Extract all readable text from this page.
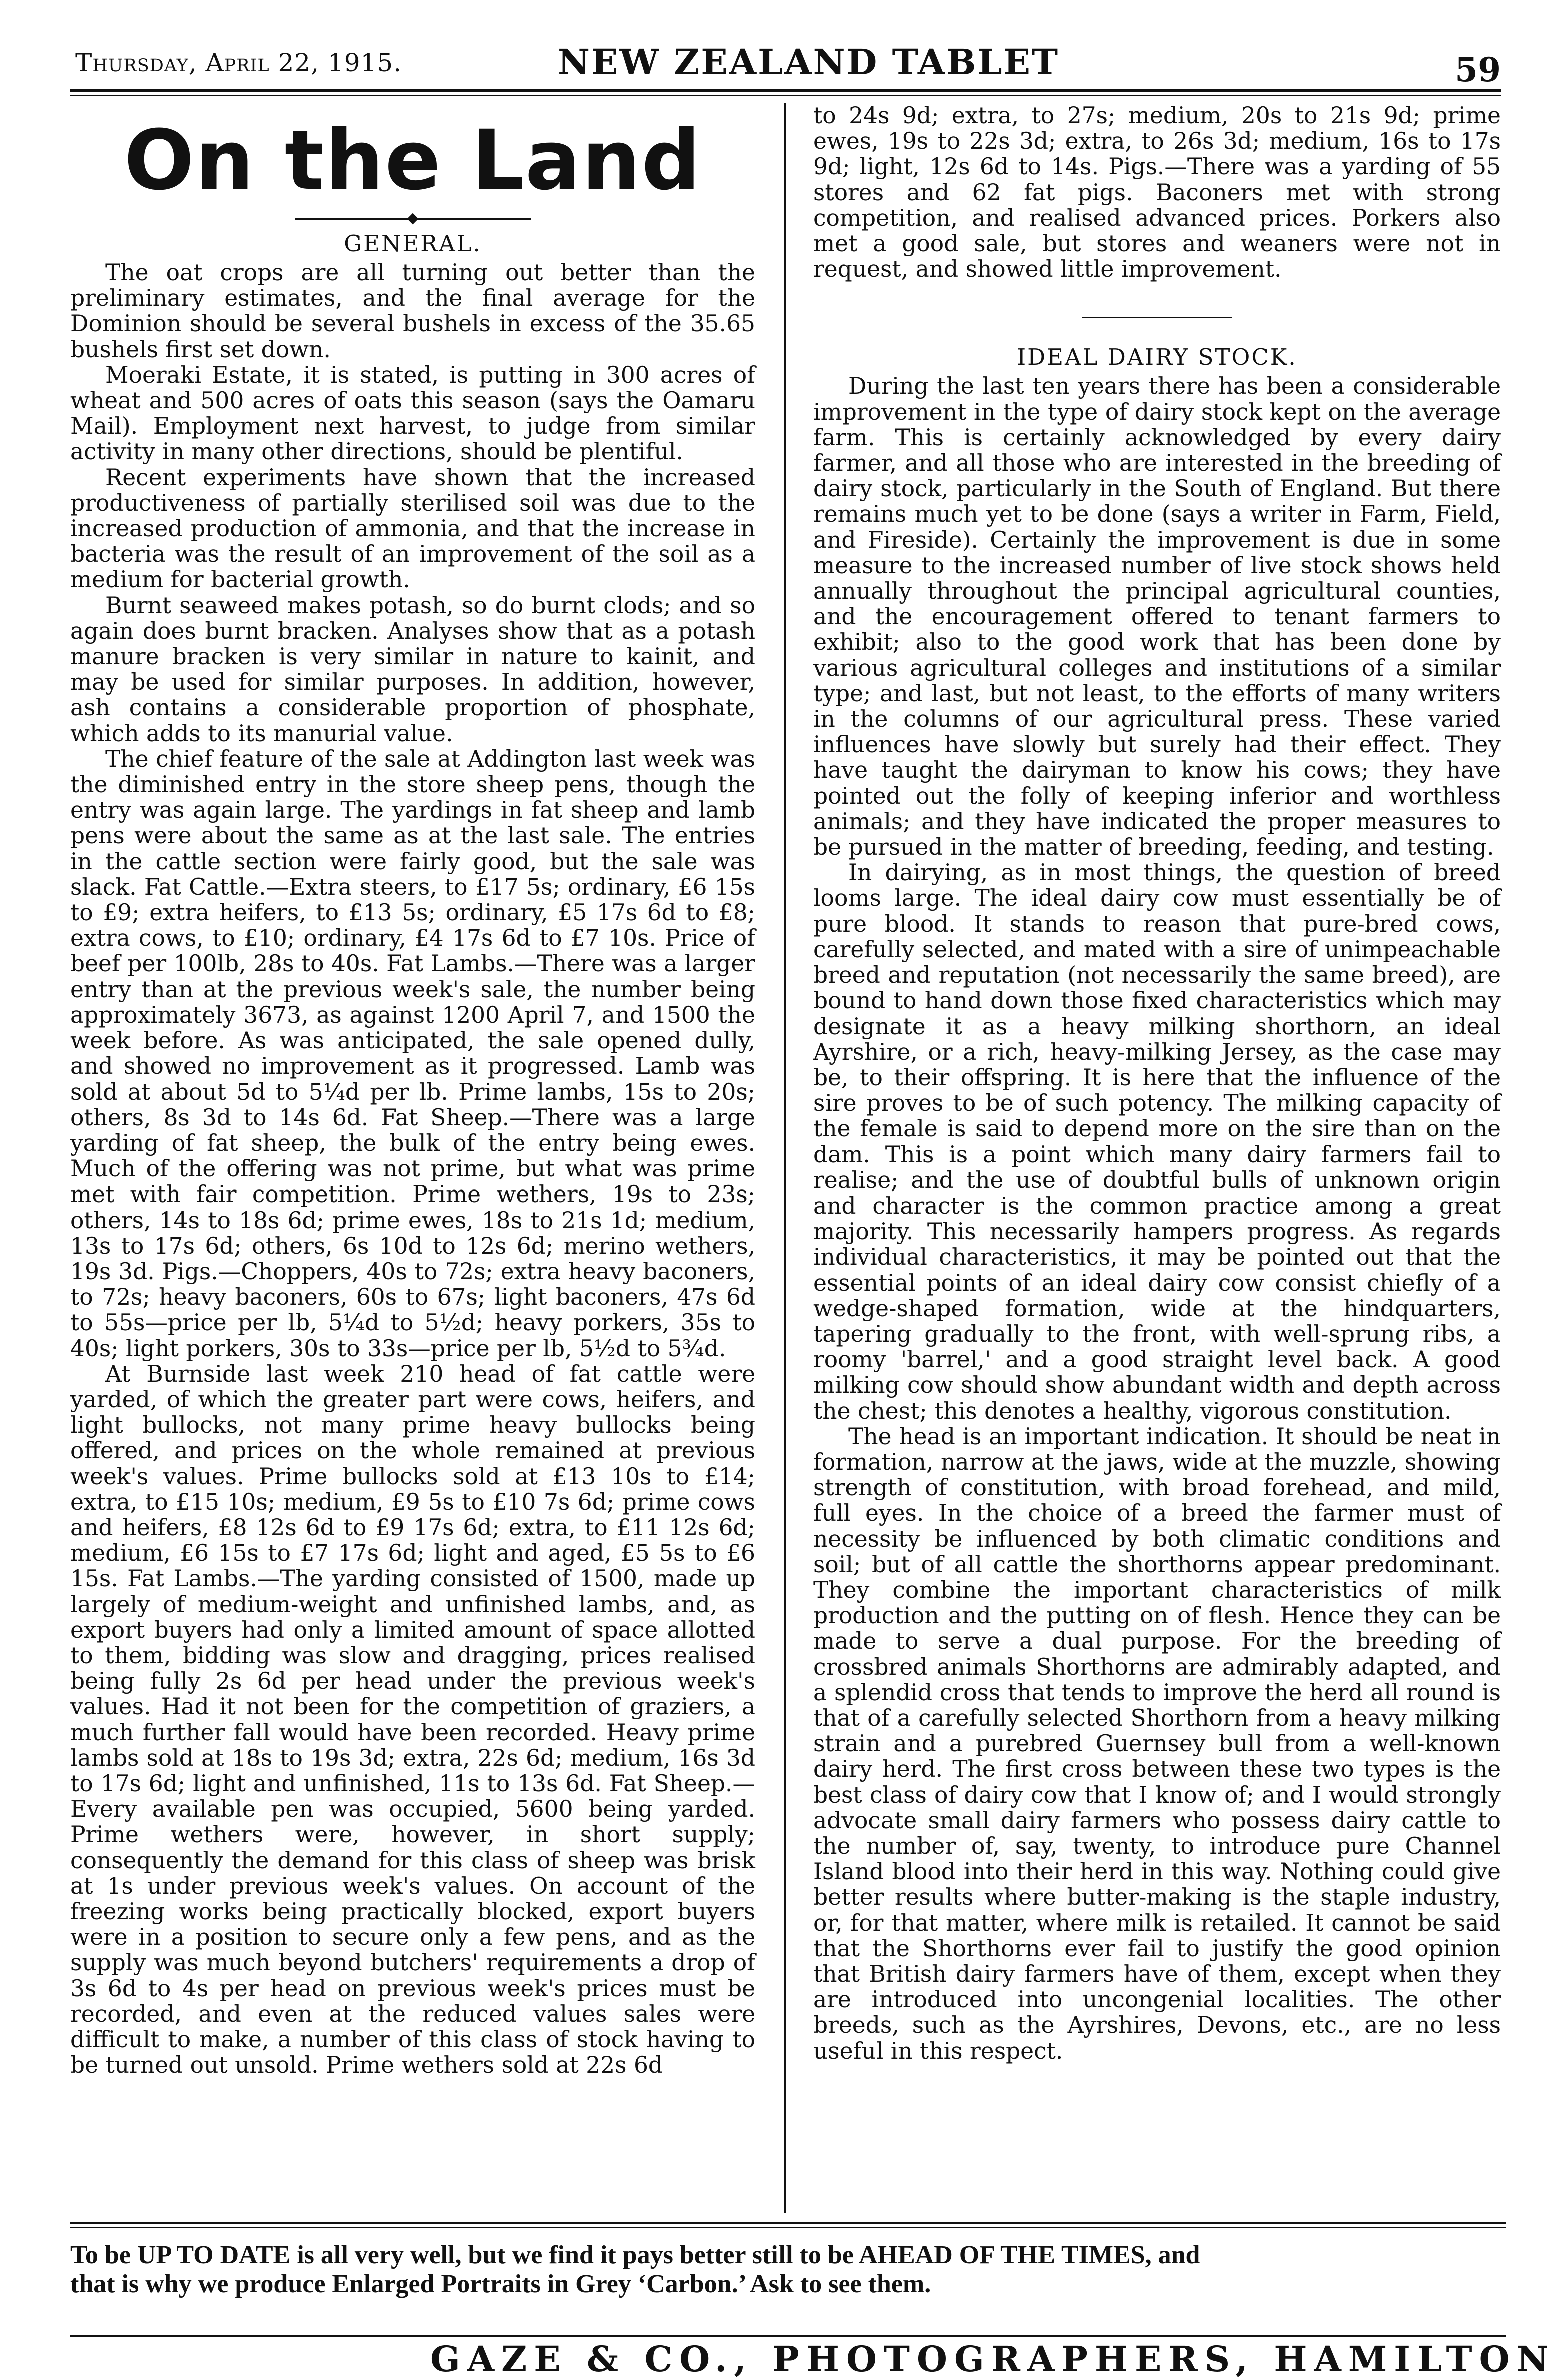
Thursday, April 22, 1915.	NEW ZEALAND TABLET	59
On the Land
GENERAL.

The oat crops are all turning out better than the preliminary estimates, and the final average for the Dominion should be several bushels in excess of the 35.65 bushels first set down.

Moeraki Estate, it is stated, is putting in 300 acres of wheat and 500 acres of oats this season (says the Oamaru Mail). Employment next harvest, to judge from similar activity in many other directions, should be plentiful.

Recent experiments have shown that the increased productiveness of partially sterilised soil was due to the increased production of ammonia, and that the increase in bacteria was the result of an improvement of the soil as a medium for bacterial growth.

Burnt seaweed makes potash, so do burnt clods; and so again does burnt bracken. Analyses show that as a potash manure bracken is very similar in nature to kainit, and may be used for similar purposes. In addition, however, ash contains a considerable proportion of phosphate, which adds to its manurial value.

The chief feature of the sale at Addington last week was the diminished entry in the store sheep pens, though the entry was again large. The yardings in fat sheep and lamb pens were about the same as at the last sale. The entries in the cattle section were fairly good, but the sale was slack. Fat Cattle.—Extra steers, to £17 5s; ordinary, £6 15s to £9; extra heifers, to £13 5s; ordinary, £5 17s 6d to £8; extra cows, to £10; ordinary, £4 17s 6d to £7 10s. Price of beef per 100lb, 28s to 40s. Fat Lambs.—There was a larger entry than at the previous week's sale, the number being approximately 3673, as against 1200 April 7, and 1500 the week before. As was anticipated, the sale opened dully, and showed no improvement as it progressed. Lamb was sold at about 5d to 5¼d per lb. Prime lambs, 15s to 20s; others, 8s 3d to 14s 6d. Fat Sheep.—There was a large yarding of fat sheep, the bulk of the entry being ewes. Much of the offering was not prime, but what was prime met with fair competition. Prime wethers, 19s to 23s; others, 14s to 18s 6d; prime ewes, 18s to 21s 1d; medium, 13s to 17s 6d; others, 6s 10d to 12s 6d; merino wethers, 19s 3d. Pigs.—Choppers, 40s to 72s; extra heavy baconers, to 72s; heavy baconers, 60s to 67s; light baconers, 47s 6d to 55s—price per lb, 5¼d to 5½d; heavy porkers, 35s to 40s; light porkers, 30s to 33s—price per lb, 5½d to 5¾d.

At Burnside last week 210 head of fat cattle were yarded, of which the greater part were cows, heifers, and light bullocks, not many prime heavy bullocks being offered, and prices on the whole remained at previous week's values. Prime bullocks sold at £13 10s to £14; extra, to £15 10s; medium, £9 5s to £10 7s 6d; prime cows and heifers, £8 12s 6d to £9 17s 6d; extra, to £11 12s 6d; medium, £6 15s to £7 17s 6d; light and aged, £5 5s to £6 15s. Fat Lambs.—The yarding consisted of 1500, made up largely of medium-weight and unfinished lambs, and, as export buyers had only a limited amount of space allotted to them, bidding was slow and dragging, prices realised being fully 2s 6d per head under the previous week's values. Had it not been for the competition of graziers, a much further fall would have been recorded. Heavy prime lambs sold at 18s to 19s 3d; extra, 22s 6d; medium, 16s 3d to 17s 6d; light and unfinished, 11s to 13s 6d. Fat Sheep.—Every available pen was occupied, 5600 being yarded. Prime wethers were, however, in short supply; consequently the demand for this class of sheep was brisk at 1s under previous week's values. On account of the freezing works being practically blocked, export buyers were in a position to secure only a few pens, and as the supply was much beyond butchers' requirements a drop of 3s 6d to 4s per head on previous week's prices must be recorded, and even at the reduced values sales were difficult to make, a number of this class of stock having to be turned out unsold. Prime wethers sold at 22s 6d

to 24s 9d; extra, to 27s; medium, 20s to 21s 9d; prime ewes, 19s to 22s 3d; extra, to 26s 3d; medium, 16s to 17s 9d; light, 12s 6d to 14s. Pigs.—There was a yarding of 55 stores and 62 fat pigs. Baconers met with strong competition, and realised advanced prices. Porkers also met a good sale, but stores and weaners were not in request, and showed little improvement.

IDEAL DAIRY STOCK.

During the last ten years there has been a considerable improvement in the type of dairy stock kept on the average farm. This is certainly acknowledged by every dairy farmer, and all those who are interested in the breeding of dairy stock, particularly in the South of England. But there remains much yet to be done (says a writer in Farm, Field, and Fireside). Certainly the improvement is due in some measure to the increased number of live stock shows held annually throughout the principal agricultural counties, and the encouragement offered to tenant farmers to exhibit; also to the good work that has been done by various agricultural colleges and institutions of a similar type; and last, but not least, to the efforts of many writers in the columns of our agricultural press. These varied influences have slowly but surely had their effect. They have taught the dairyman to know his cows; they have pointed out the folly of keeping inferior and worthless animals; and they have indicated the proper measures to be pursued in the matter of breeding, feeding, and testing.

In dairying, as in most things, the question of breed looms large. The ideal dairy cow must essentially be of pure blood. It stands to reason that pure-bred cows, carefully selected, and mated with a sire of unimpeachable breed and reputation (not necessarily the same breed), are bound to hand down those fixed characteristics which may designate it as a heavy milking shorthorn, an ideal Ayrshire, or a rich, heavy-milking Jersey, as the case may be, to their offspring. It is here that the influence of the sire proves to be of such potency. The milking capacity of the female is said to depend more on the sire than on the dam. This is a point which many dairy farmers fail to realise; and the use of doubtful bulls of unknown origin and character is the common practice among a great majority. This necessarily hampers progress. As regards individual characteristics, it may be pointed out that the essential points of an ideal dairy cow consist chiefly of a wedge-shaped formation, wide at the hindquarters, tapering gradually to the front, with well-sprung ribs, a roomy 'barrel,' and a good straight level back. A good milking cow should show abundant width and depth across the chest; this denotes a healthy, vigorous constitution.

The head is an important indication. It should be neat in formation, narrow at the jaws, wide at the muzzle, showing strength of constitution, with broad forehead, and mild, full eyes. In the choice of a breed the farmer must of necessity be influenced by both climatic conditions and soil; but of all cattle the shorthorns appear predominant. They combine the important characteristics of milk production and the putting on of flesh. Hence they can be made to serve a dual purpose. For the breeding of crossbred animals Shorthorns are admirably adapted, and a splendid cross that tends to improve the herd all round is that of a carefully selected Shorthorn from a heavy milking strain and a purebred Guernsey bull from a well-known dairy herd. The first cross between these two types is the best class of dairy cow that I know of; and I would strongly advocate small dairy farmers who possess dairy cattle to the number of, say, twenty, to introduce pure Channel Island blood into their herd in this way. Nothing could give better results where butter-making is the staple industry, or, for that matter, where milk is retailed. It cannot be said that the Shorthorns ever fail to justify the good opinion that British dairy farmers have of them, except when they are introduced into uncongenial localities. The other breeds, such as the Ayrshires, Devons, etc., are no less useful in this respect.

To be UP TO DATE is all very well, but we find it pays better still to be AHEAD OF THE TIMES, and
that is why we produce Enlarged Portraits in Grey ‘Carbon.’ Ask to see them.
GAZE & CO., PHOTOGRAPHERS, HAMILTON
